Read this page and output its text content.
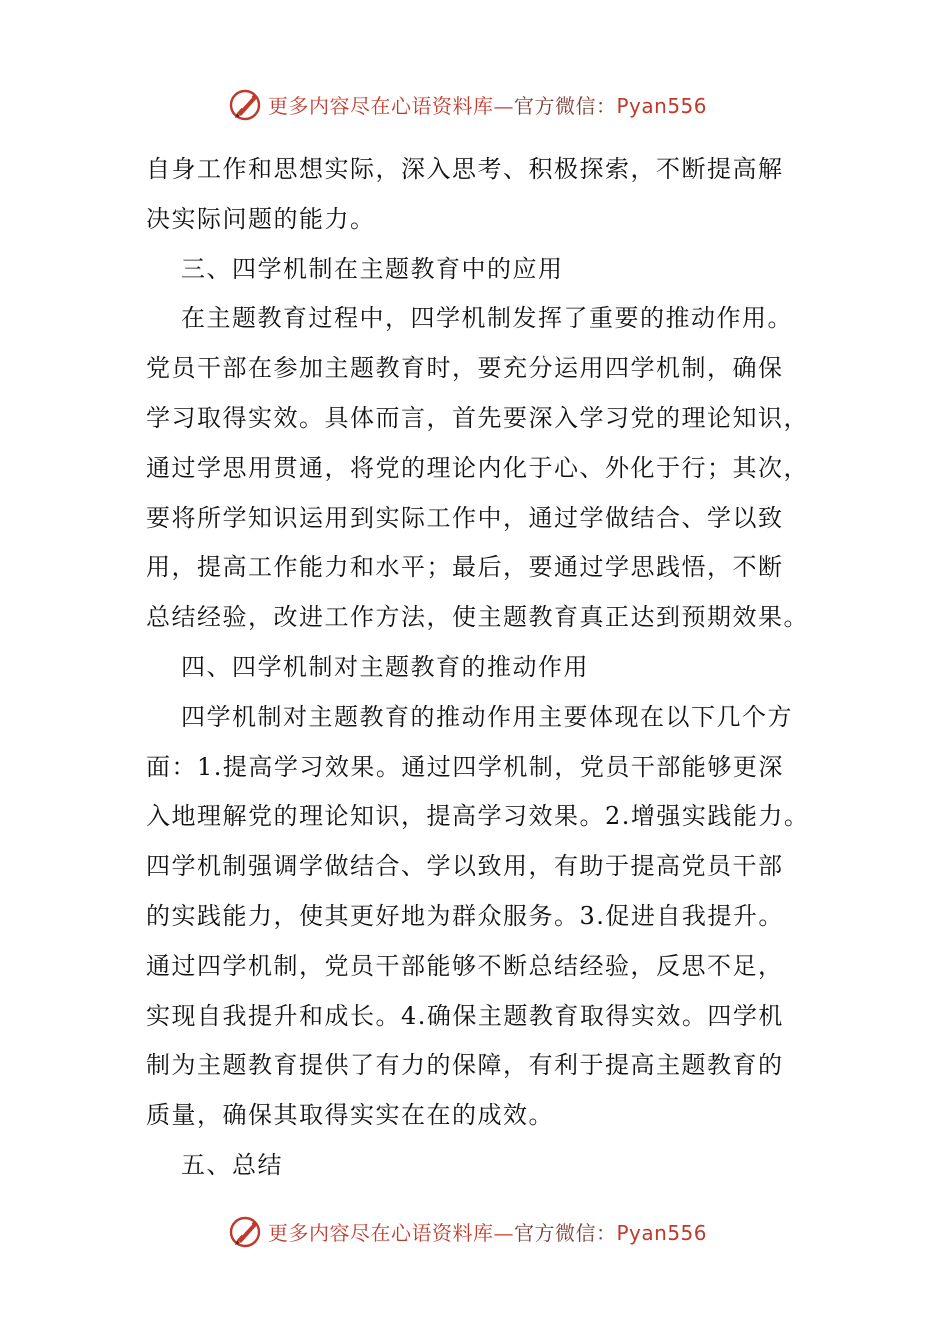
更多内容尽在心语资料库—官方微信：Pyan556
自身工作和思想实际，深入思考、积极探索，不断提高解
决实际问题的能力。
三、四学机制在主题教育中的应用
在主题教育过程中，四学机制发挥了重要的推动作用。
党员干部在参加主题教育时，要充分运用四学机制，确保
学习取得实效。具体而言，首先要深入学习党的理论知识，
通过学思用贯通，将党的理论内化于心、外化于行；其次，
要将所学知识运用到实际工作中，通过学做结合、学以致
用，提高工作能力和水平；最后，要通过学思践悟，不断
总结经验，改进工作方法，使主题教育真正达到预期效果。
四、四学机制对主题教育的推动作用
四学机制对主题教育的推动作用主要体现在以下几个方
面：1.提高学习效果。通过四学机制，党员干部能够更深
入地理解党的理论知识，提高学习效果。2.增强实践能力。
四学机制强调学做结合、学以致用，有助于提高党员干部
的实践能力，使其更好地为群众服务。3.促进自我提升。
通过四学机制，党员干部能够不断总结经验，反思不足，
实现自我提升和成长。4.确保主题教育取得实效。四学机
制为主题教育提供了有力的保障，有利于提高主题教育的
质量，确保其取得实实在在的成效。
五、总结
更多内容尽在心语资料库—官方微信：Pyan556
